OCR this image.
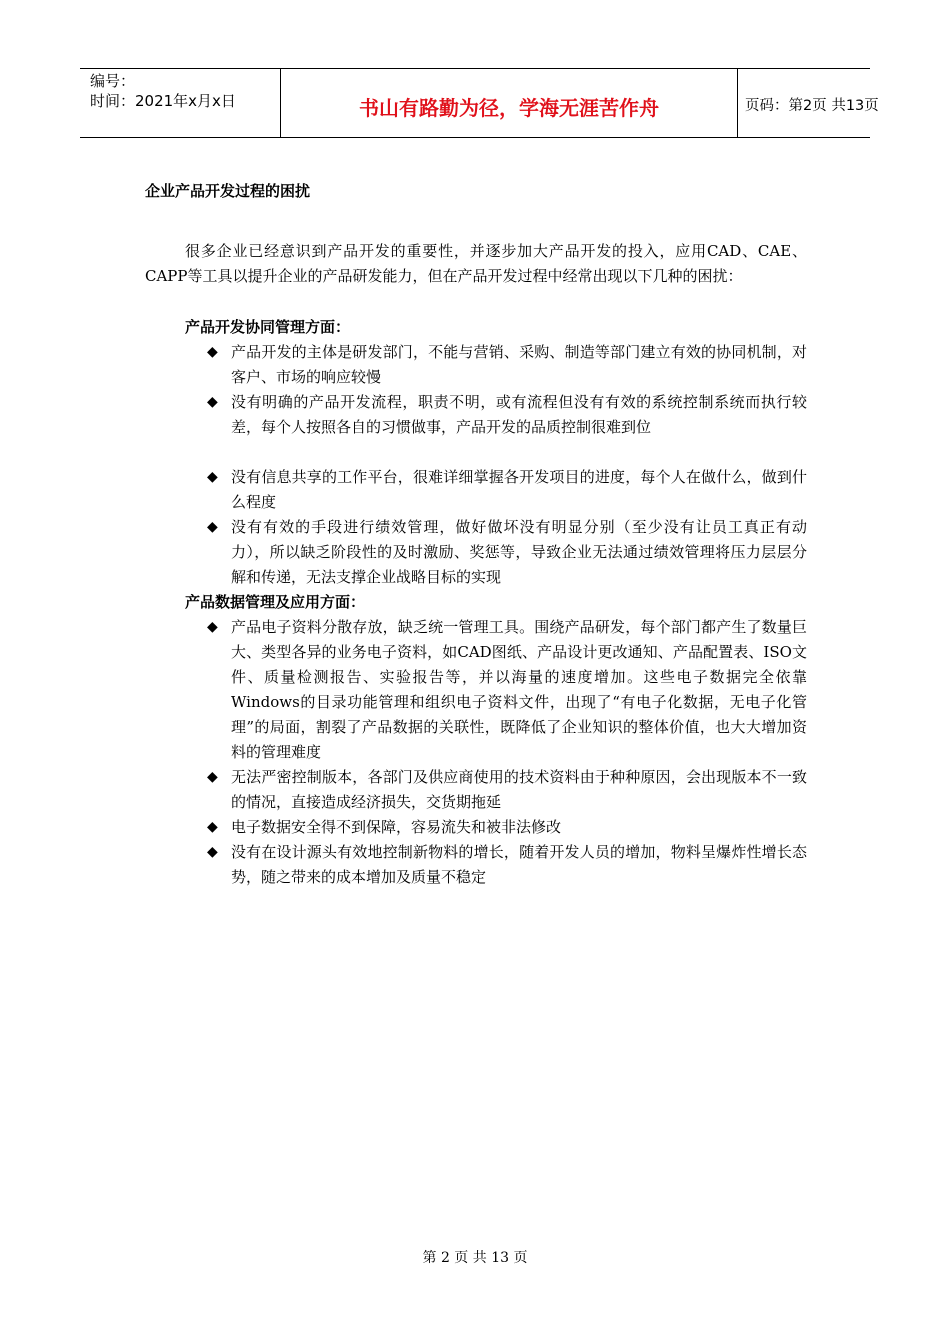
编号：
时间：2021年x月x日	书山有路勤为径，学海无涯苦作舟	页码：第2页 共13页
企业产品开发过程的困扰

很多企业已经意识到产品开发的重要性，并逐步加大产品开发的投入，应用CAD、CAE、CAPP等工具以提升企业的产品研发能力，但在产品开发过程中经常出现以下几种的困扰：

产品开发协同管理方面：
◆ 产品开发的主体是研发部门，不能与营销、采购、制造等部门建立有效的协同机制，对客户、市场的响应较慢
◆ 没有明确的产品开发流程，职责不明，或有流程但没有有效的系统控制系统而执行较差，每个人按照各自的习惯做事，产品开发的品质控制很难到位
◆ 没有信息共享的工作平台，很难详细掌握各开发项目的进度，每个人在做什么，做到什么程度
◆ 没有有效的手段进行绩效管理，做好做坏没有明显分别（至少没有让员工真正有动力），所以缺乏阶段性的及时激励、奖惩等，导致企业无法通过绩效管理将压力层层分解和传递，无法支撑企业战略目标的实现
产品数据管理及应用方面：
◆ 产品电子资料分散存放，缺乏统一管理工具。围绕产品研发，每个部门都产生了数量巨大、类型各异的业务电子资料，如CAD图纸、产品设计更改通知、产品配置表、ISO文件、质量检测报告、实验报告等，并以海量的速度增加。这些电子数据完全依靠Windows的目录功能管理和组织电子资料文件，出现了“有电子化数据，无电子化管理”的局面，割裂了产品数据的关联性，既降低了企业知识的整体价值，也大大增加资料的管理难度
◆ 无法严密控制版本，各部门及供应商使用的技术资料由于种种原因，会出现版本不一致的情况，直接造成经济损失，交货期拖延
◆ 电子数据安全得不到保障，容易流失和被非法修改
◆ 没有在设计源头有效地控制新物料的增长，随着开发人员的增加，物料呈爆炸性增长态势，随之带来的成本增加及质量不稳定
第 2 页 共 13 页
